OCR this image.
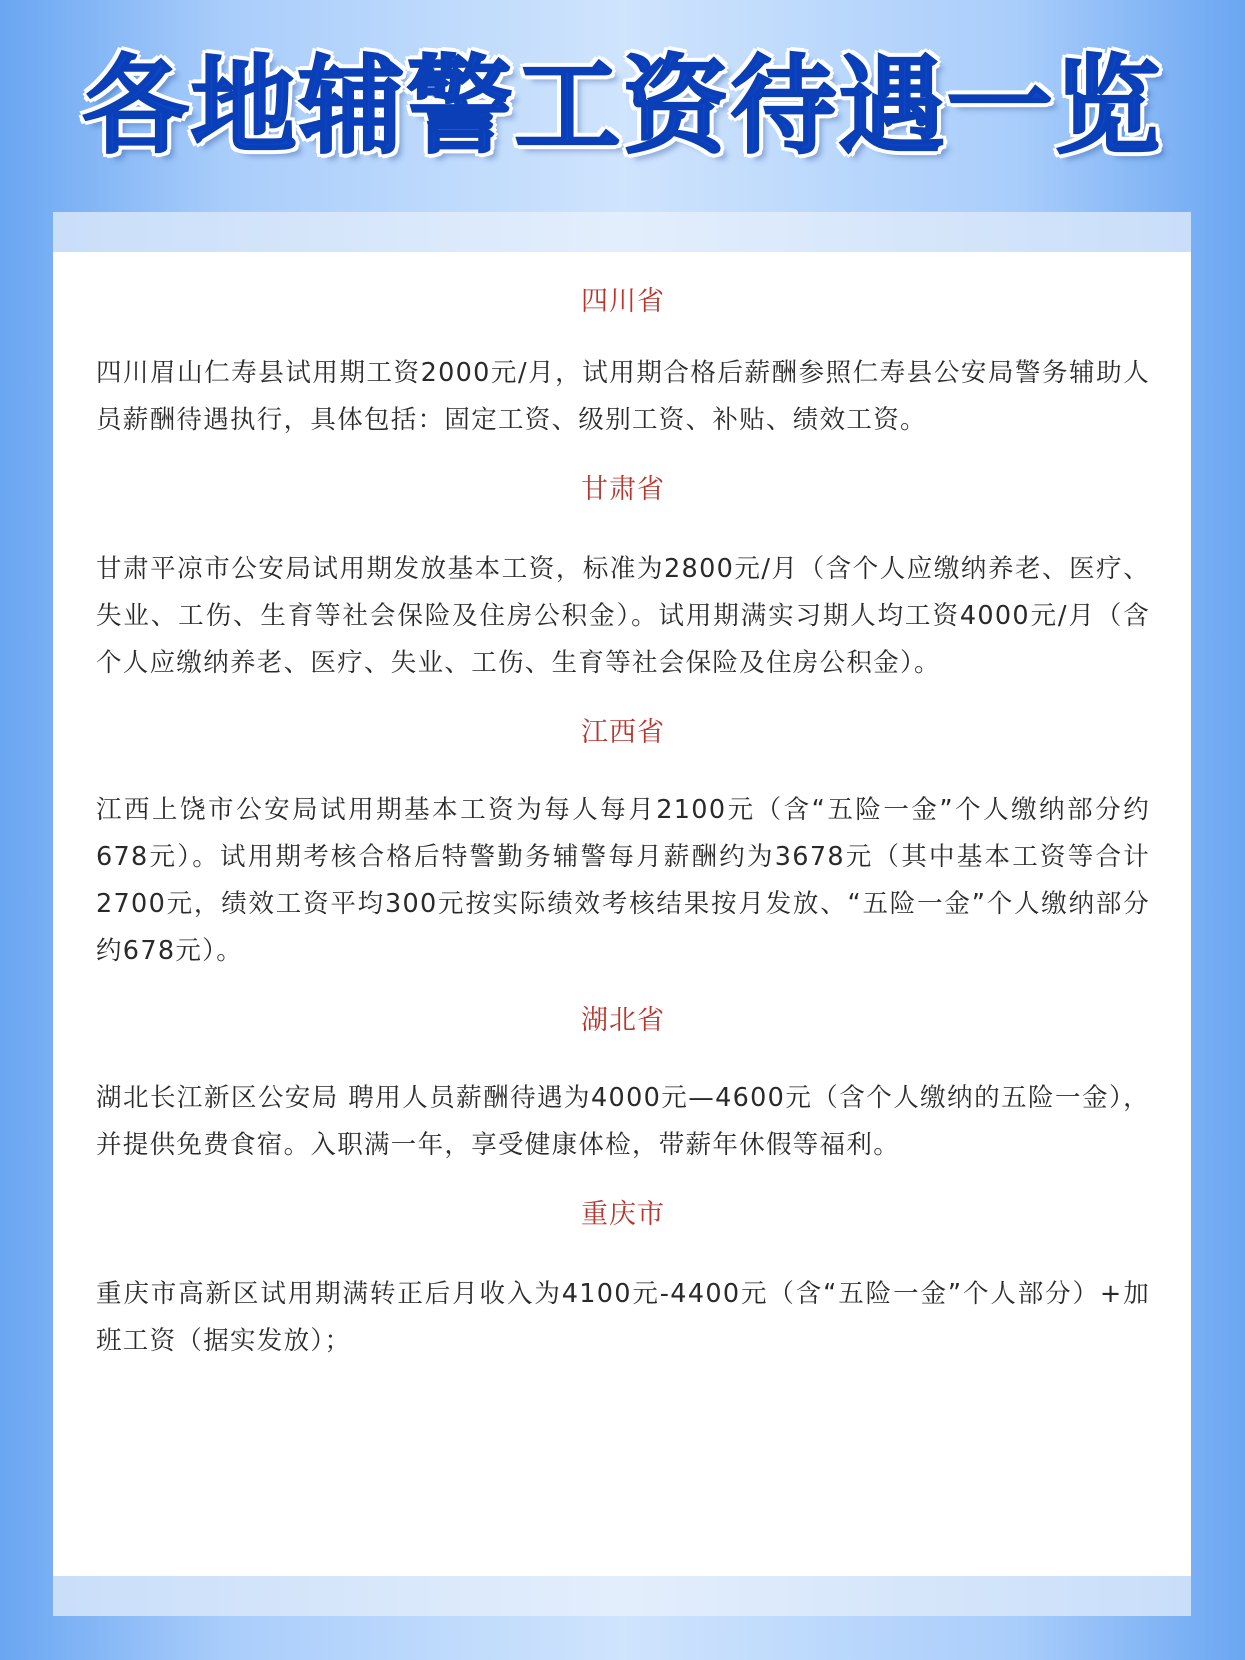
各地辅警工资待遇一览
四川省
四川眉山仁寿县试用期工资2000元/月，试用期合格后薪酬参照仁寿县公安局警务辅助人员薪酬待遇执行，具体包括：固定工资、级别工资、补贴、绩效工资。
甘肃省
甘肃平凉市公安局试用期发放基本工资，标准为2800元/月（含个人应缴纳养老、医疗、失业、工伤、生育等社会保险及住房公积金）。试用期满实习期人均工资4000元/月（含个人应缴纳养老、医疗、失业、工伤、生育等社会保险及住房公积金）。
江西省
江西上饶市公安局试用期基本工资为每人每月2100元（含“五险一金”个人缴纳部分约678元）。试用期考核合格后特警勤务辅警每月薪酬约为3678元（其中基本工资等合计2700元，绩效工资平均300元按实际绩效考核结果按月发放、“五险一金”个人缴纳部分约678元）。
湖北省
湖北长江新区公安局 聘用人员薪酬待遇为4000元—4600元（含个人缴纳的五险一金），并提供免费食宿。入职满一年，享受健康体检，带薪年休假等福利。
重庆市
重庆市高新区试用期满转正后月收入为4100元-4400元（含“五险一金”个人部分）+加班工资（据实发放）；
